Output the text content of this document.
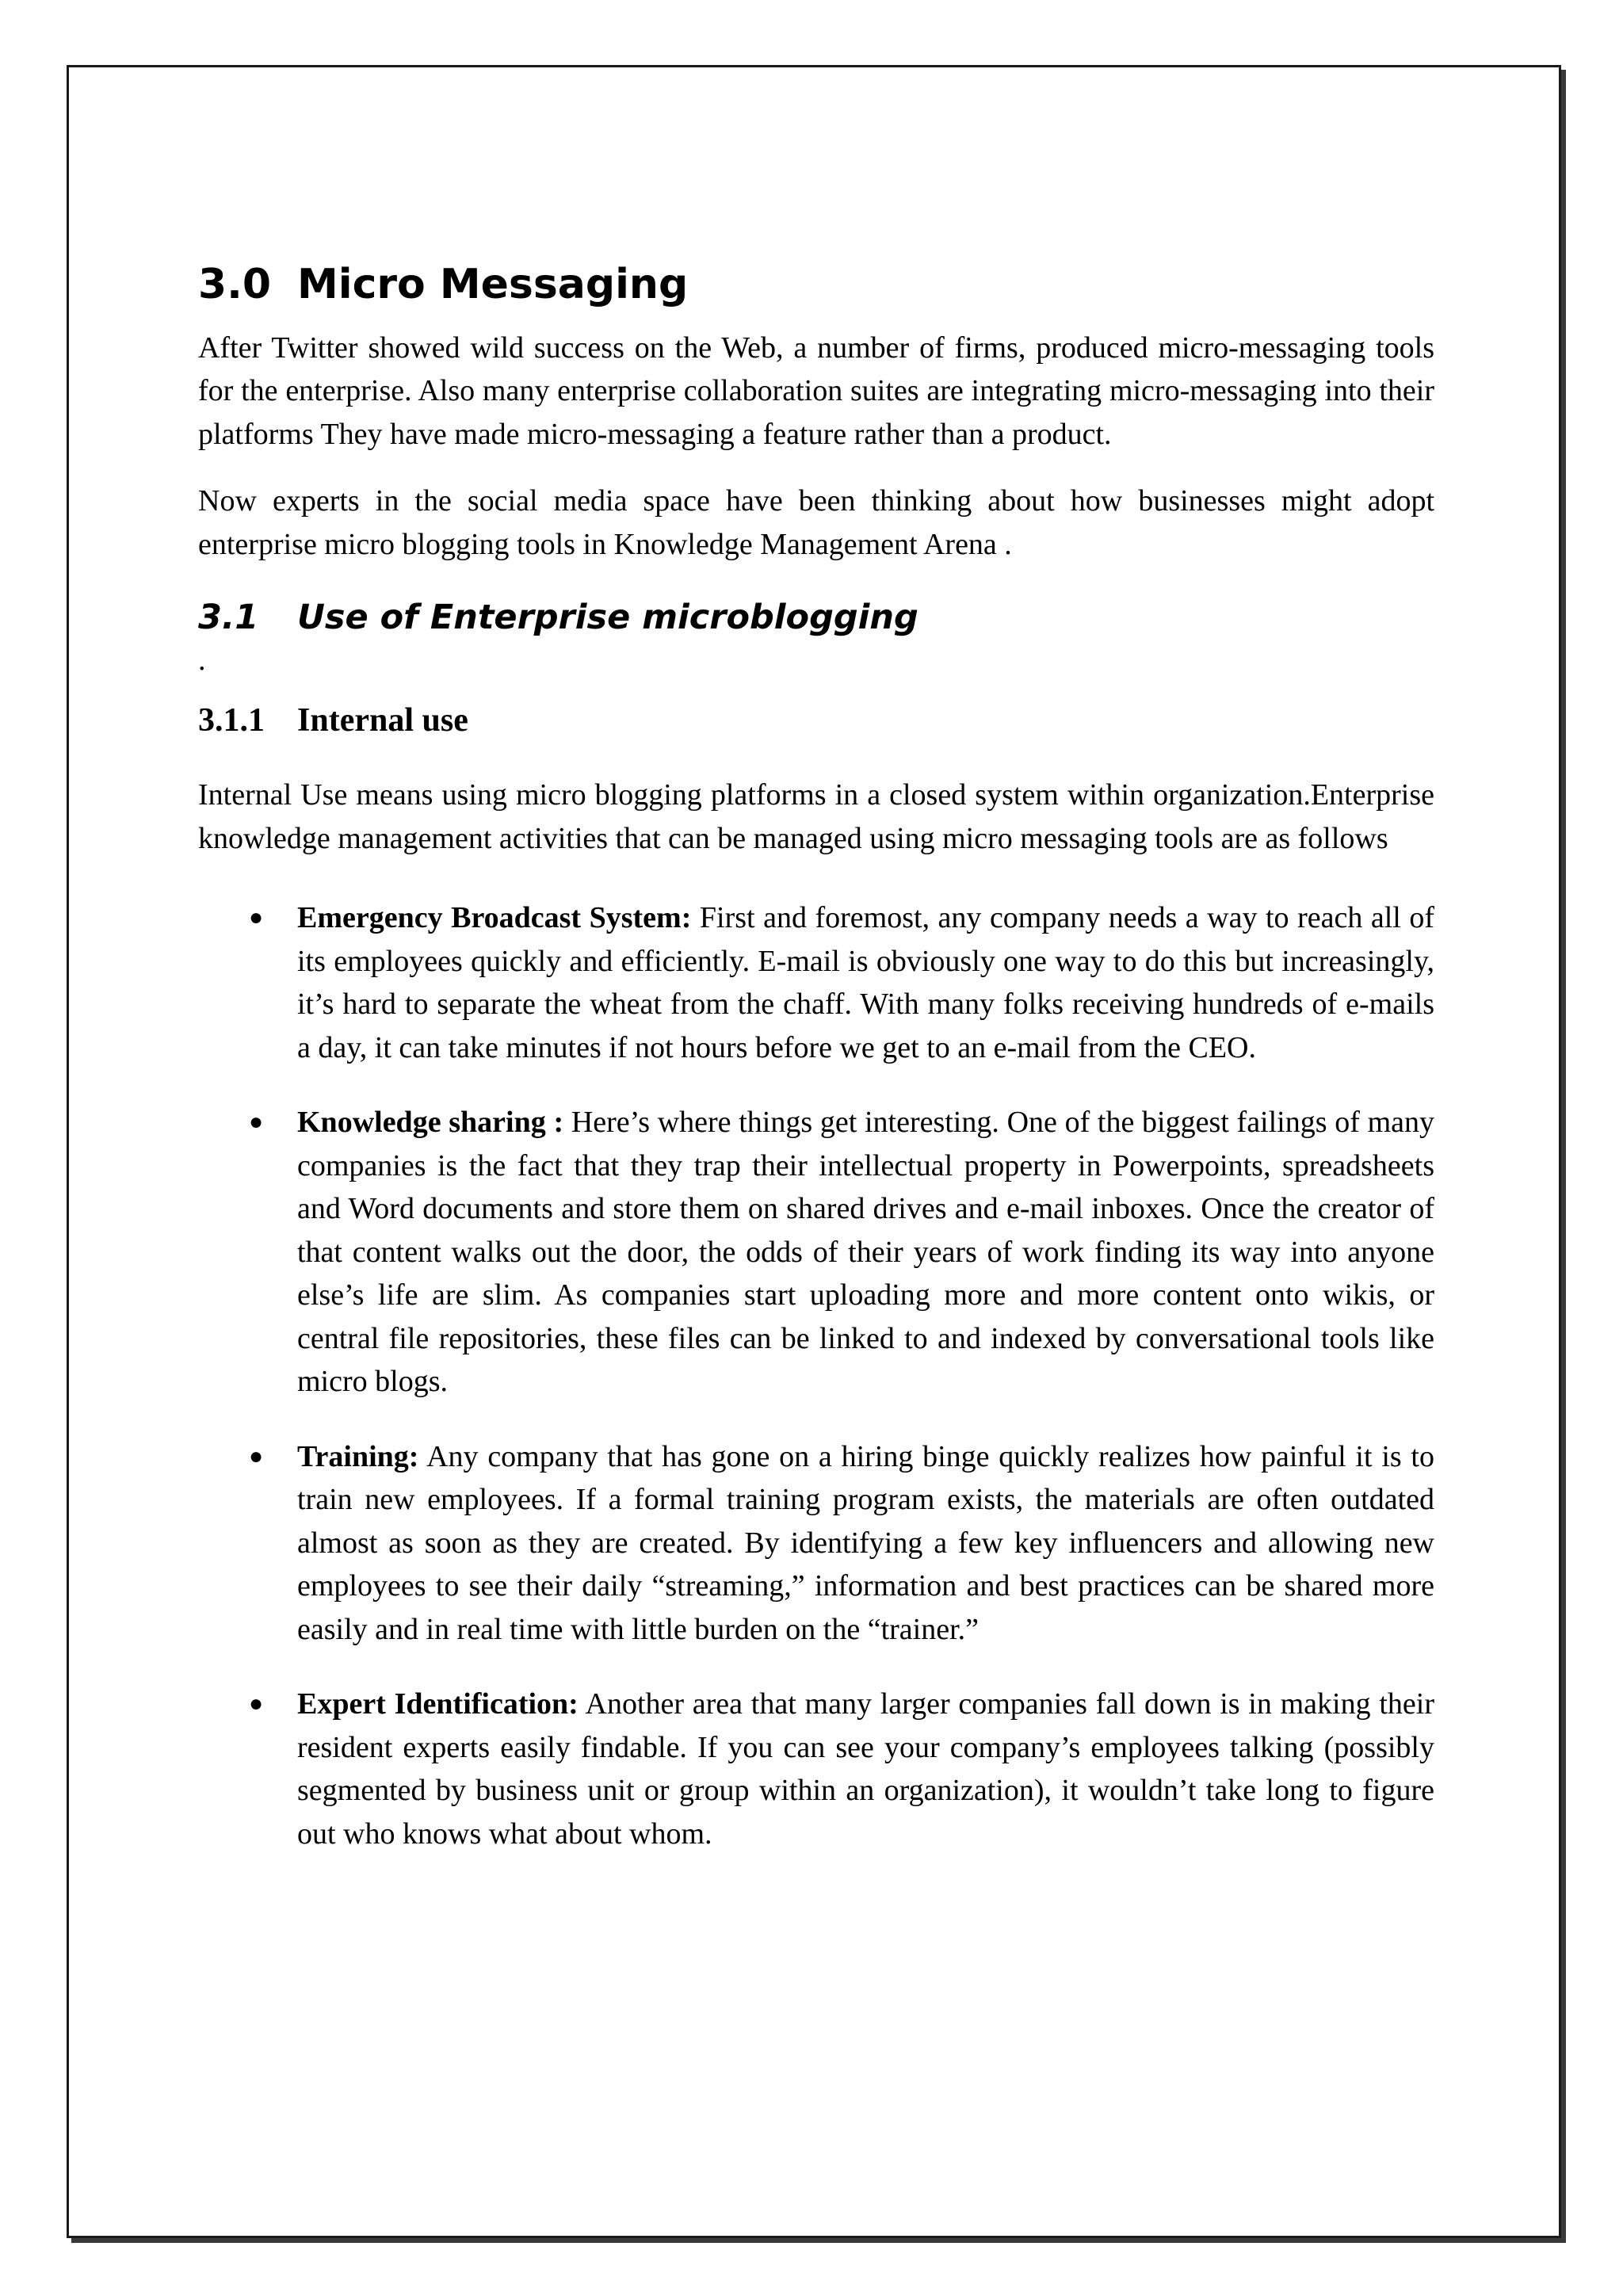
3.0 Micro Messaging

After Twitter showed wild success on the Web, a number of firms, produced micro-messaging tools for the enterprise. Also many enterprise collaboration suites are integrating micro-messaging into their platforms They have made micro-messaging a feature rather than a product.

Now experts in the social media space have been thinking about how businesses might adopt enterprise micro blogging tools in Knowledge Management Arena .

3.1	Use of Enterprise microblogging
.
3.1.1 Internal use

Internal Use means using micro blogging platforms in a closed system within organization.Enterprise knowledge management activities that can be managed using micro messaging tools are as follows

● Emergency Broadcast System: First and foremost, any company needs a way to reach all of its employees quickly and efficiently. E-mail is obviously one way to do this but increasingly, it’s hard to separate the wheat from the chaff. With many folks receiving hundreds of e-mails a day, it can take minutes if not hours before we get to an e-mail from the CEO.
● Knowledge sharing : Here’s where things get interesting. One of the biggest failings of many companies is the fact that they trap their intellectual property in Powerpoints, spreadsheets and Word documents and store them on shared drives and e-mail inboxes. Once the creator of that content walks out the door, the odds of their years of work finding its way into anyone else’s life are slim. As companies start uploading more and more content onto wikis, or central file repositories, these files can be linked to and indexed by conversational tools like micro blogs.
● Training: Any company that has gone on a hiring binge quickly realizes how painful it is to train new employees. If a formal training program exists, the materials are often outdated almost as soon as they are created. By identifying a few key influencers and allowing new employees to see their daily “streaming,” information and best practices can be shared more easily and in real time with little burden on the “trainer.”
● Expert Identification: Another area that many larger companies fall down is in making their resident experts easily findable. If you can see your company’s employees talking (possibly segmented by business unit or group within an organization), it wouldn’t take long to figure out who knows what about whom.
